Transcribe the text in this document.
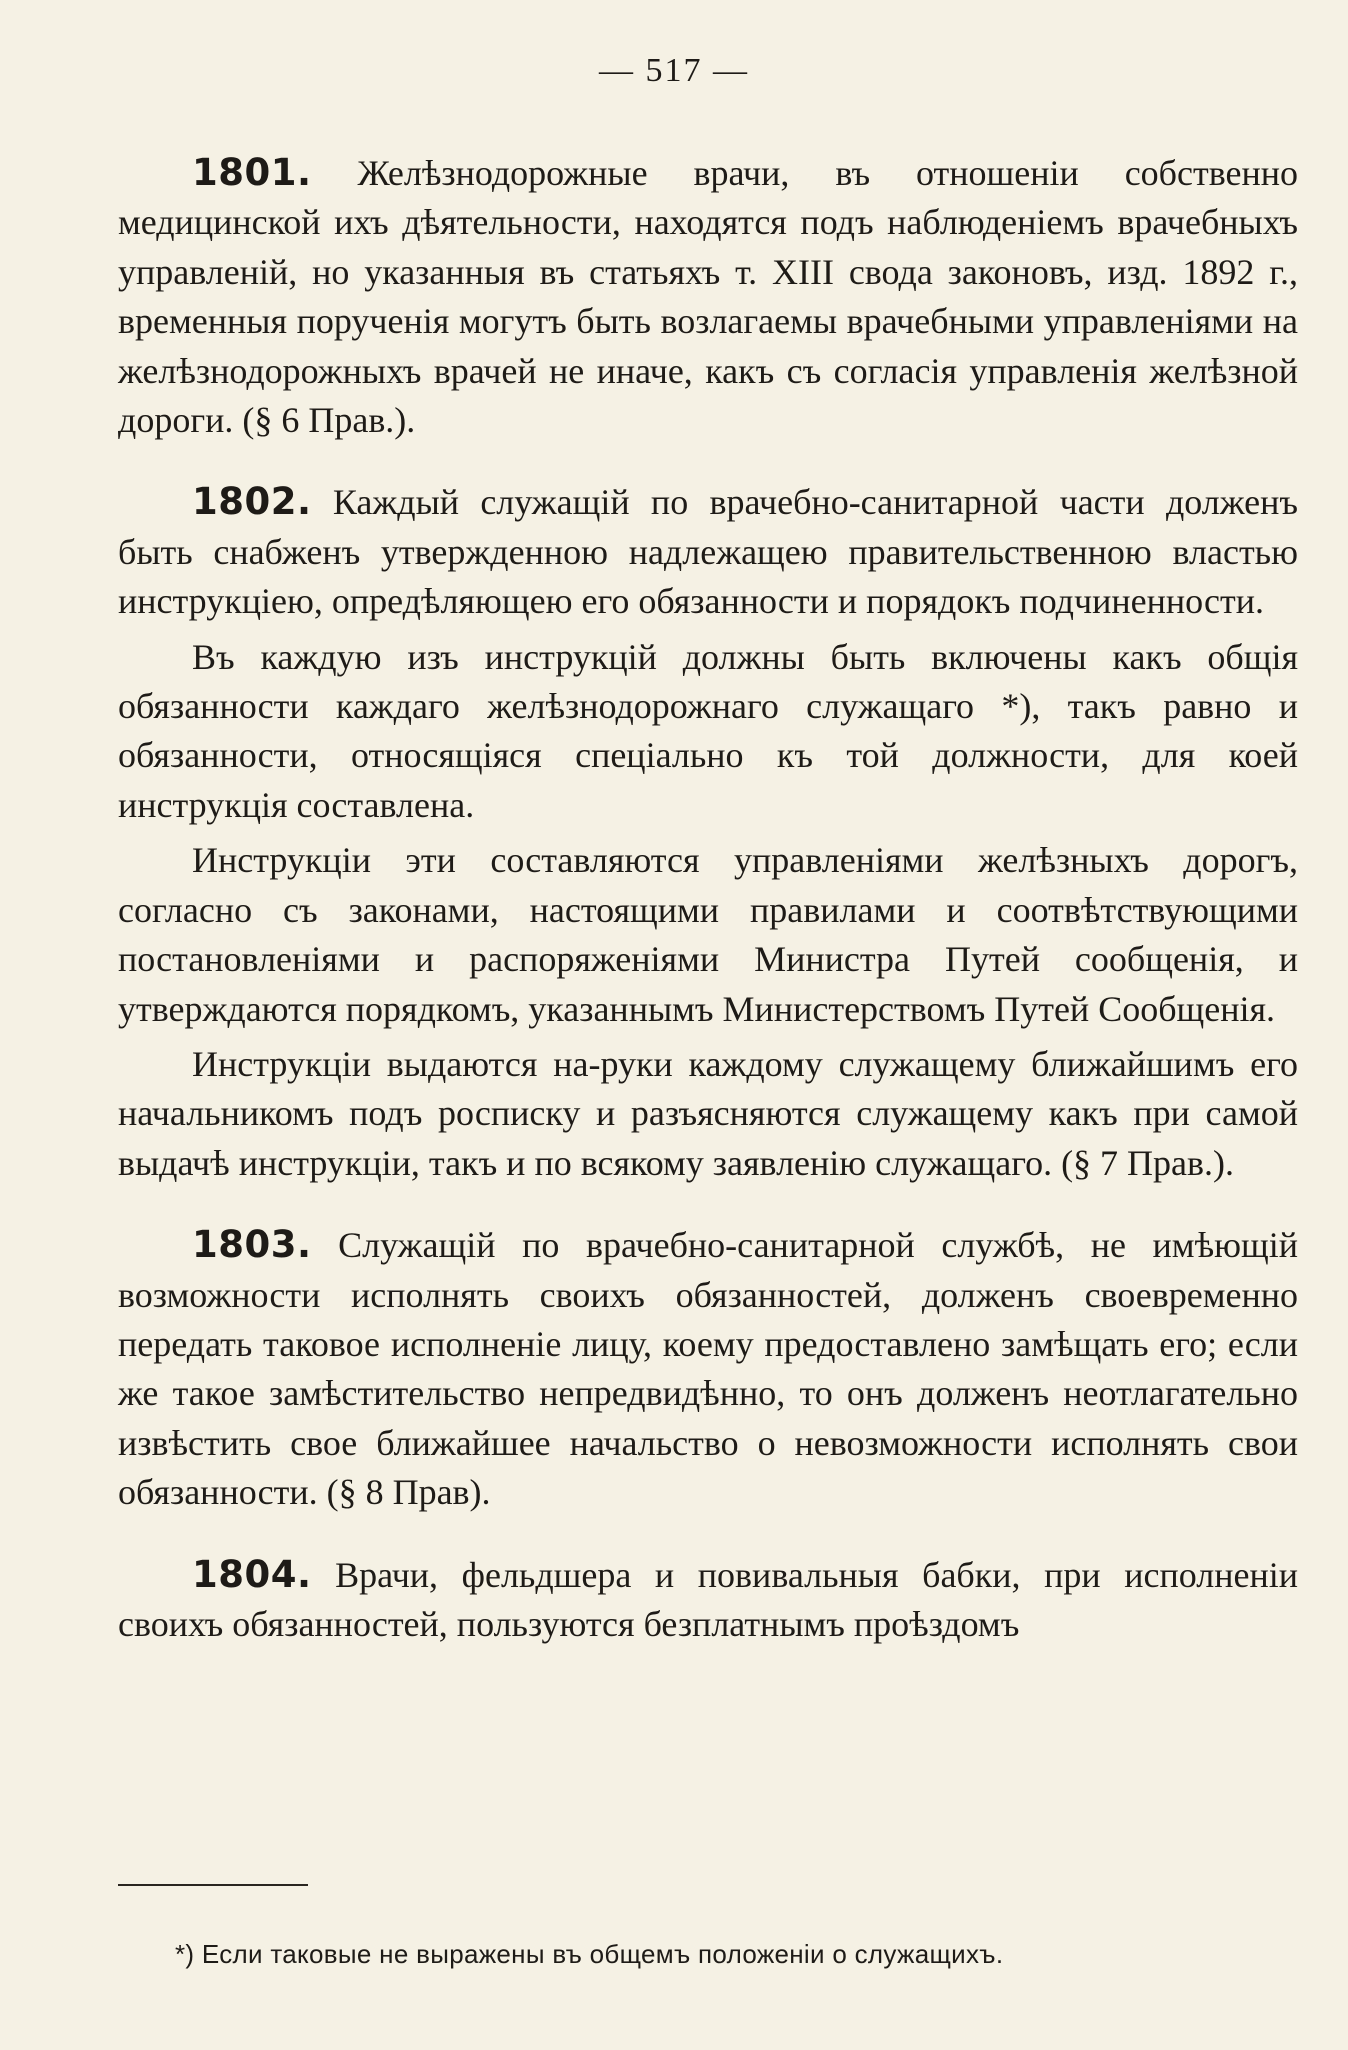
— 517 —

1801. Желѣзнодорожные врачи, въ отношеніи собственно медицинской ихъ дѣятельности, находятся подъ наблюденіемъ врачебныхъ управленій, но указанныя въ статьяхъ т. XIII свода законовъ, изд. 1892 г., временныя порученія могутъ быть возлагаемы врачебными управленіями на желѣзнодорожныхъ врачей не иначе, какъ съ согласія управленія желѣзной дороги. (§ 6 Прав.).

1802. Каждый служащій по врачебно-санитарной части долженъ быть снабженъ утвержденною надлежащею правительственною властью инструкціею, опредѣляющею его обязанности и порядокъ подчиненности.

Въ каждую изъ инструкцій должны быть включены какъ общія обязанности каждаго желѣзнодорожнаго служащаго *), такъ равно и обязанности, относящіяся спеціально къ той должности, для коей инструкція составлена.

Инструкціи эти составляются управленіями желѣзныхъ дорогъ, согласно съ законами, настоящими правилами и соотвѣтствующими постановленіями и распоряженіями Министра Путей сообщенія, и утверждаются порядкомъ, указаннымъ Министерствомъ Путей Сообщенія.

Инструкціи выдаются на-руки каждому служащему ближайшимъ его начальникомъ подъ росписку и разъясняются служащему какъ при самой выдачѣ инструкціи, такъ и по всякому заявленію служащаго. (§ 7 Прав.).

1803. Служащій по врачебно-санитарной службѣ, не имѣющій возможности исполнять своихъ обязанностей, долженъ своевременно передать таковое исполненіе лицу, коему предоставлено замѣщать его; если же такое замѣстительство непредвидѣнно, то онъ долженъ неотлагательно извѣстить свое ближайшее начальство о невозможности исполнять свои обязанности. (§ 8 Прав).

1804. Врачи, фельдшера и повивальныя бабки, при исполненіи своихъ обязанностей, пользуются безплатнымъ проѣздомъ

*) Если таковые не выражены въ общемъ положеніи о служащихъ.
